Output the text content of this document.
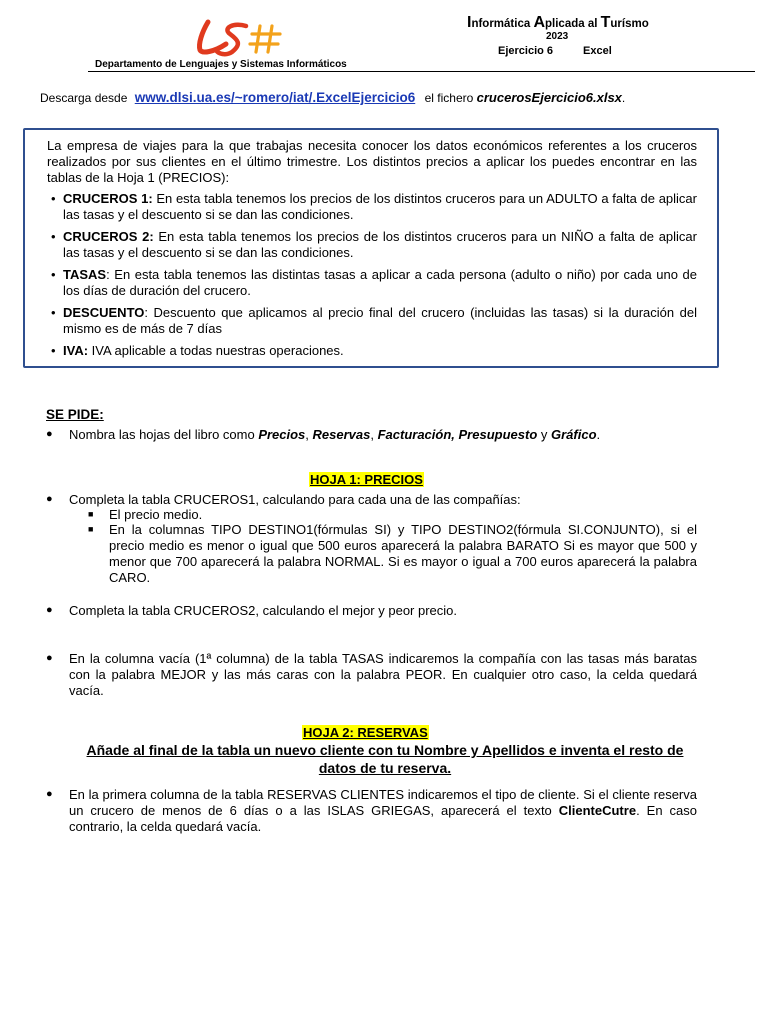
Departamento de Lenguajes y Sistemas Informáticos
Informática Aplicada al Turísmo
2023
Ejercicio 6	Excel
Descarga desde www.dlsi.ua.es/~romero/iat/.ExcelEjercicio6 el fichero crucerosEjercicio6.xlsx.

La empresa de viajes para la que trabajas necesita conocer los datos económicos referentes a los cruceros realizados por sus clientes en el último trimestre. Los distintos precios a aplicar los puedes encontrar en las tablas de la Hoja 1 (PRECIOS):

• CRUCEROS 1: En esta tabla tenemos los precios de los distintos cruceros para un ADULTO a falta de aplicar las tasas y el descuento si se dan las condiciones.
• CRUCEROS 2: En esta tabla tenemos los precios de los distintos cruceros para un NIÑO a falta de aplicar las tasas y el descuento si se dan las condiciones.
• TASAS: En esta tabla tenemos las distintas tasas a aplicar a cada persona (adulto o niño) por cada uno de los días de duración del crucero.
• DESCUENTO: Descuento que aplicamos al precio final del crucero (incluidas las tasas) si la duración del mismo es de más de 7 días
• IVA: IVA aplicable a todas nuestras operaciones.
SE PIDE:
● Nombra las hojas del libro como Precios, Reservas, Facturación, Presupuesto y Gráfico.
HOJA 1: PRECIOS
● Completa la tabla CRUCEROS1, calculando para cada una de las compañías:
■ El precio medio.
■ En la columnas TIPO DESTINO1(fórmulas SI) y TIPO DESTINO2(fórmula SI.CONJUNTO), si el precio medio es menor o igual que 500 euros aparecerá la palabra BARATO Si es mayor que 500 y menor que 700 aparecerá la palabra NORMAL. Si es mayor o igual a 700 euros aparecerá la palabra CARO.
● Completa la tabla CRUCEROS2, calculando el mejor y peor precio.
● En la columna vacía (1ª columna) de la tabla TASAS indicaremos la compañía con las tasas más baratas con la palabra MEJOR y las más caras con la palabra PEOR. En cualquier otro caso, la celda quedará vacía.
HOJA 2: RESERVAS
Añade al final de la tabla un nuevo cliente con tu Nombre y Apellidos e inventa el resto de datos de tu reserva.
● En la primera columna de la tabla RESERVAS CLIENTES indicaremos el tipo de cliente. Si el cliente reserva un crucero de menos de 6 días o a las ISLAS GRIEGAS, aparecerá el texto ClienteCutre. En caso contrario, la celda quedará vacía.
